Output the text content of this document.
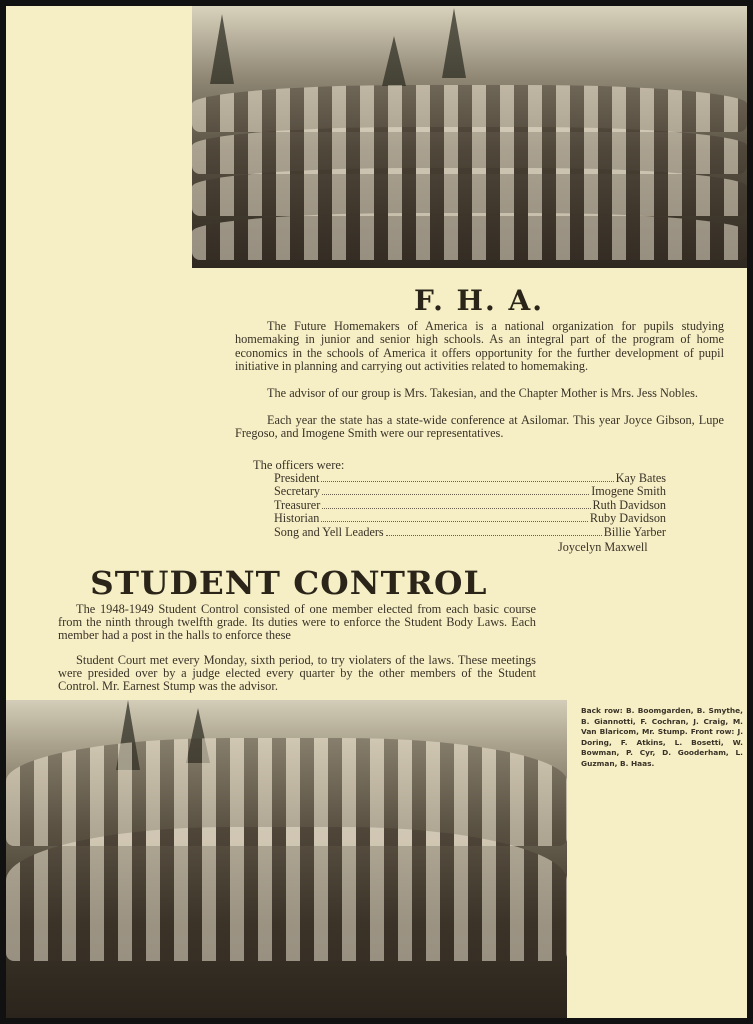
F. H. A.

The Future Homemakers of America is a national organization for pupils studying homemaking in junior and senior high schools. As an integral part of the program of home economics in the schools of America it offers opportunity for the further development of pupil initiative in planning and carrying out activities related to homemaking.

The advisor of our group is Mrs. Takesian, and the Chapter Mother is Mrs. Jess Nobles.

Each year the state has a state-wide conference at Asilomar. This year Joyce Gibson, Lupe Fregoso, and Imogene Smith were our representatives.

The officers were:

President	Kay Bates
Secretary	Imogene Smith
Treasurer	Ruth Davidson
Historian	Ruby Davidson
Song and Yell Leaders	Billie Yarber

Joycelyn Maxwell

STUDENT CONTROL

The 1948-1949 Student Control consisted of one member elected from each basic course from the ninth through twelfth grade. Its duties were to enforce the Student Body Laws. Each member had a post in the halls to enforce these

Student Court met every Monday, sixth period, to try violaters of the laws. These meetings were presided over by a judge elected every quarter by the other members of the Student Control. Mr. Earnest Stump was the advisor.

Back row: B. Boomgarden, B. Smythe, B. Giannotti, F. Cochran, J. Craig, M. Van Blaricom, Mr. Stump. Front row: J. Doring, F. Atkins, L. Bosetti, W. Bowman, P. Cyr, D. Gooderham, L. Guzman, B. Haas.
